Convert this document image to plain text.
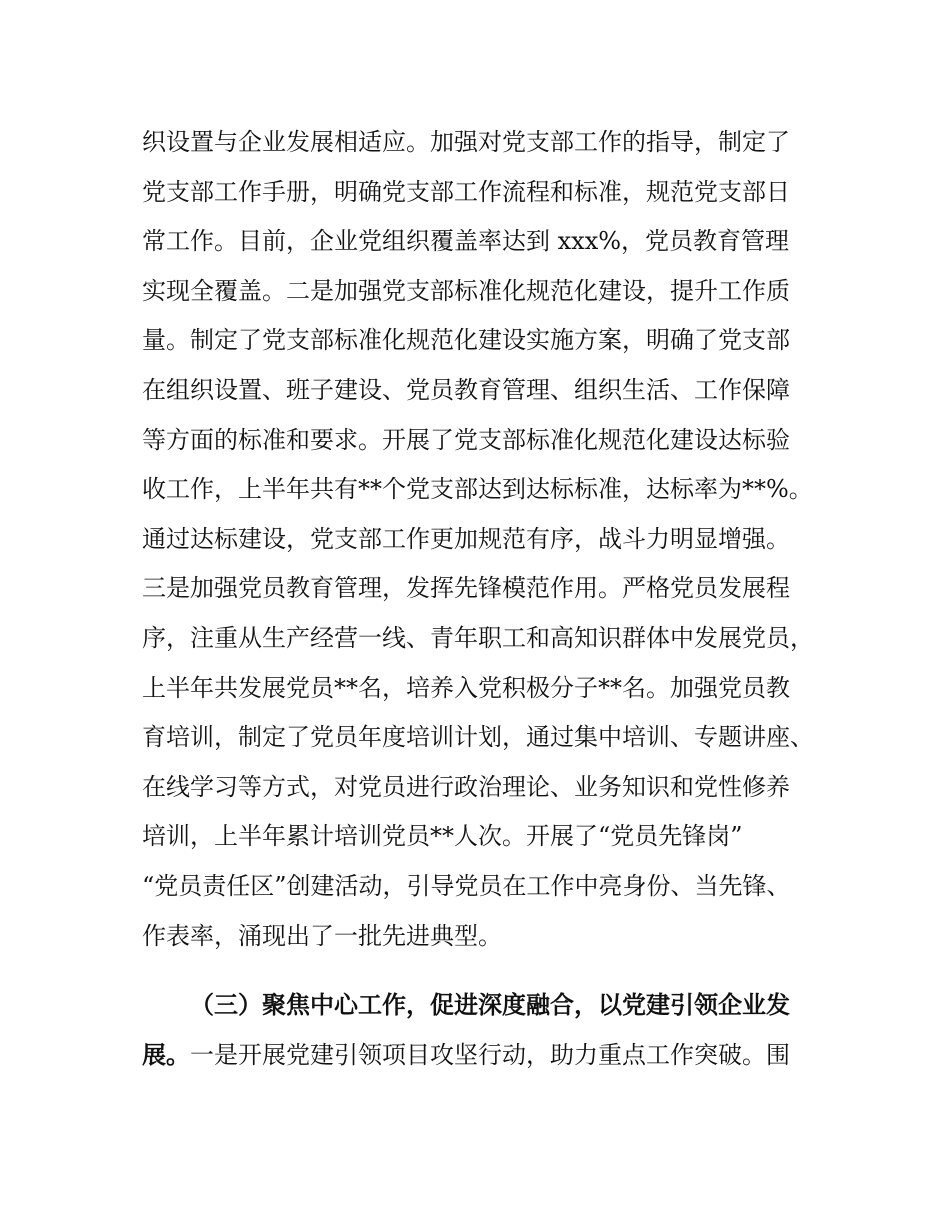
织设置与企业发展相适应。加强对党支部工作的指导，制定了
党支部工作手册，明确党支部工作流程和标准，规范党支部日
常工作。目前，企业党组织覆盖率达到 xxx%，党员教育管理
实现全覆盖。二是加强党支部标准化规范化建设，提升工作质
量。制定了党支部标准化规范化建设实施方案，明确了党支部
在组织设置、班子建设、党员教育管理、组织生活、工作保障
等方面的标准和要求。开展了党支部标准化规范化建设达标验
收工作，上半年共有**个党支部达到达标标准，达标率为**%。
通过达标建设，党支部工作更加规范有序，战斗力明显增强。
三是加强党员教育管理，发挥先锋模范作用。严格党员发展程
序，注重从生产经营一线、青年职工和高知识群体中发展党员，
上半年共发展党员**名，培养入党积极分子**名。加强党员教
育培训，制定了党员年度培训计划，通过集中培训、专题讲座、
在线学习等方式，对党员进行政治理论、业务知识和党性修养
培训，上半年累计培训党员**人次。开展了“党员先锋岗”
“党员责任区”创建活动，引导党员在工作中亮身份、当先锋、
作表率，涌现出了一批先进典型。
（三）聚焦中心工作，促进深度融合，以党建引领企业发
展。一是开展党建引领项目攻坚行动，助力重点工作突破。围
